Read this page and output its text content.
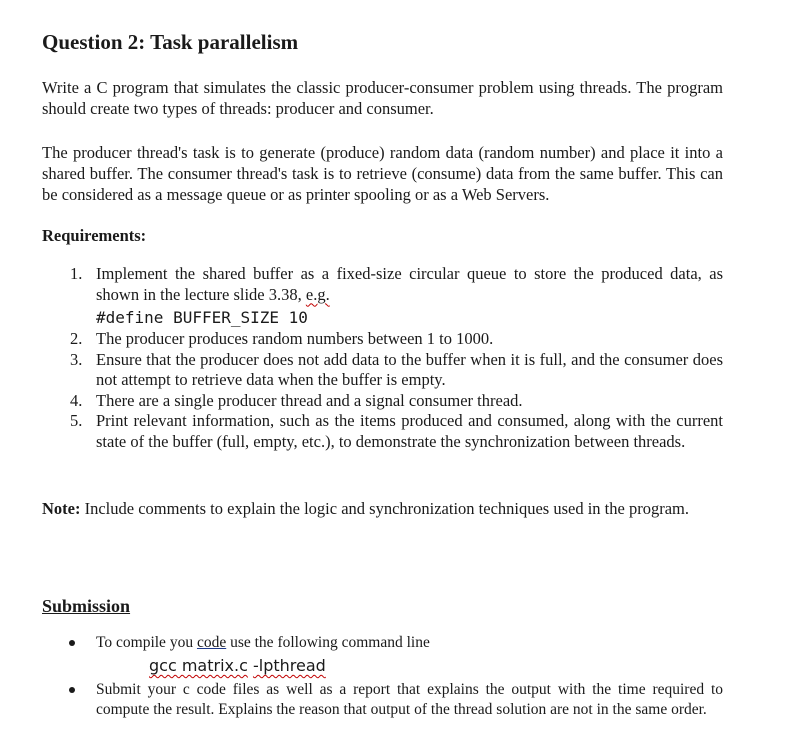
Question 2: Task parallelism

Write a C program that simulates the classic producer-consumer problem using threads. The program should create two types of threads: producer and consumer.

The producer thread's task is to generate (produce) random data (random number) and place it into a shared buffer. The consumer thread's task is to retrieve (consume) data from the same buffer. This can be considered as a message queue or as printer spooling or as a Web Servers.

Requirements:

1. Implement the shared buffer as a fixed-size circular queue to store the produced data, as shown in the lecture slide 3.38, e.g.
#define BUFFER_SIZE 10
2. The producer produces random numbers between 1 to 1000.
3. Ensure that the producer does not add data to the buffer when it is full, and the consumer does not attempt to retrieve data when the buffer is empty.
4. There are a single producer thread and a signal consumer thread.
5. Print relevant information, such as the items produced and consumed, along with the current state of the buffer (full, empty, etc.), to demonstrate the synchronization between threads.

Note: Include comments to explain the logic and synchronization techniques used in the program.

Submission

To compile you code use the following command line
gcc matrix.c -lpthread
Submit your c code files as well as a report that explains the output with the time required to compute the result. Explains the reason that output of the thread solution are not in the same order.
